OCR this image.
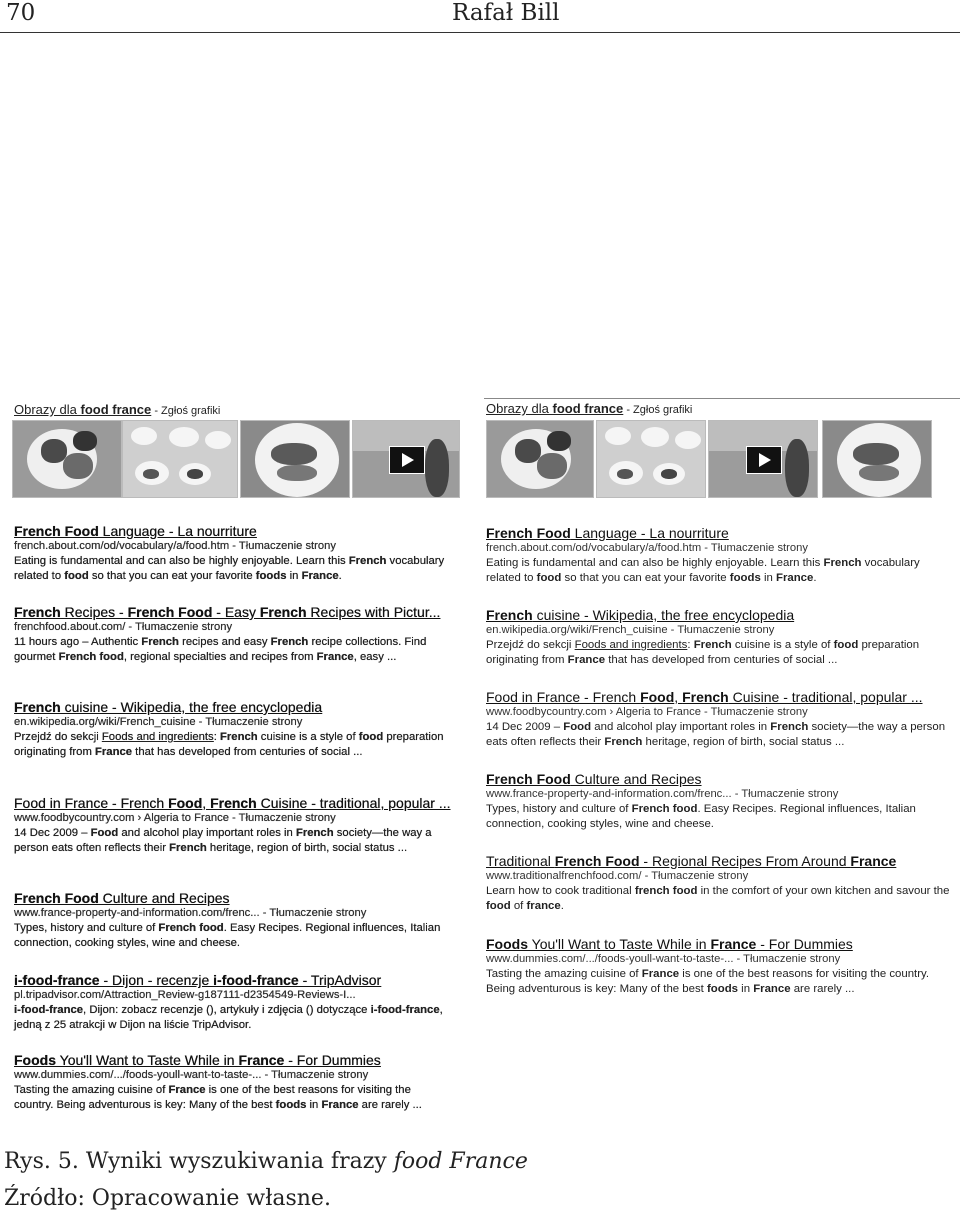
70	Rafał Bill
Obrazy dla food france - Zgłoś grafiki
French Food Language - La nourriture
french.about.com/od/vocabulary/a/food.htm - Tłumaczenie strony
Eating is fundamental and can also be highly enjoyable. Learn this French vocabulary related to food so that you can eat your favorite foods in France.
French Recipes - French Food - Easy French Recipes with Pictur...
frenchfood.about.com/ - Tłumaczenie strony
11 hours ago – Authentic French recipes and easy French recipe collections. Find gourmet French food, regional specialties and recipes from France, easy ...
French cuisine - Wikipedia, the free encyclopedia
en.wikipedia.org/wiki/French_cuisine - Tłumaczenie strony
Przejdź do sekcji Foods and ingredients: French cuisine is a style of food preparation originating from France that has developed from centuries of social ...
Food in France - French Food, French Cuisine - traditional, popular ...
www.foodbycountry.com › Algeria to France - Tłumaczenie strony
14 Dec 2009 – Food and alcohol play important roles in French society—the way a person eats often reflects their French heritage, region of birth, social status ...
French Food Culture and Recipes
www.france-property-and-information.com/frenc... - Tłumaczenie strony
Types, history and culture of French food. Easy Recipes. Regional influences, Italian connection, cooking styles, wine and cheese.
i-food-france - Dijon - recenzje i-food-france - TripAdvisor
pl.tripadvisor.com/Attraction_Review-g187111-d2354549-Reviews-I...
i-food-france, Dijon: zobacz recenzje (), artykuły i zdjęcia () dotyczące i-food-france, jedną z 25 atrakcji w Dijon na liście TripAdvisor.
Foods You'll Want to Taste While in France - For Dummies
www.dummies.com/.../foods-youll-want-to-taste-... - Tłumaczenie strony
Tasting the amazing cuisine of France is one of the best reasons for visiting the country. Being adventurous is key: Many of the best foods in France are rarely ...
Obrazy dla food france - Zgłoś grafiki
French Food Language - La nourriture
french.about.com/od/vocabulary/a/food.htm - Tłumaczenie strony
Eating is fundamental and can also be highly enjoyable. Learn this French vocabulary related to food so that you can eat your favorite foods in France.
French cuisine - Wikipedia, the free encyclopedia
en.wikipedia.org/wiki/French_cuisine - Tłumaczenie strony
Przejdź do sekcji Foods and ingredients: French cuisine is a style of food preparation originating from France that has developed from centuries of social ...
Food in France - French Food, French Cuisine - traditional, popular ...
www.foodbycountry.com › Algeria to France - Tłumaczenie strony
14 Dec 2009 – Food and alcohol play important roles in French society—the way a person eats often reflects their French heritage, region of birth, social status ...
French Food Culture and Recipes
www.france-property-and-information.com/frenc... - Tłumaczenie strony
Types, history and culture of French food. Easy Recipes. Regional influences, Italian connection, cooking styles, wine and cheese.
Traditional French Food - Regional Recipes From Around France
www.traditionalfrenchfood.com/ - Tłumaczenie strony
Learn how to cook traditional french food in the comfort of your own kitchen and savour the food of france.
Foods You'll Want to Taste While in France - For Dummies
www.dummies.com/.../foods-youll-want-to-taste-... - Tłumaczenie strony
Tasting the amazing cuisine of France is one of the best reasons for visiting the country. Being adventurous is key: Many of the best foods in France are rarely ...
Rys. 5. Wyniki wyszukiwania frazy food France
Źródło: Opracowanie własne.
